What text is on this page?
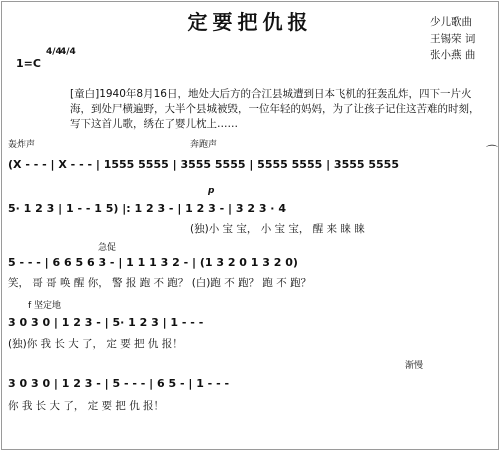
定要把仇报	少儿歌曲
王锡荣 词
张小燕 曲
1=C
4/4
4/4
[童白]1940年8月16日，地处大后方的合江县城遭到日本飞机的狂轰乱炸，四下一片火海，到处尸横遍野，大半个县城被毁，一位年轻的妈妈，为了让孩子记住这苦难的时刻，写下这首儿歌，绣在了婴儿枕上……
轰炸声	奔跑声
(X - - - | X - - - | 1555 5555 | 3555 5555 | 5555 5555 | 3555 5555
⌒
5· 1 2 3 | 1 - - 1 5) |: 1 2 3 - | 1 2 3 - | 3 2 3 · 4
p
(独)小 宝 宝， 小 宝 宝， 醒 来 睐 睐
急促
5 - - - | 6 6 5 6 3 - | 1 1 1 3 2 - | (1 3 2 0 1 3 2 0)
笑， 哥 哥 唤 醒 你， 警 报 跑 不 跑？ (白)跑 不 跑？ 跑 不 跑？
f 坚定地
3 0 3 0 | 1 2 3 - | 5· 1 2 3 | 1 - - -
(独)你 我 长 大 了， 定 要 把 仇 报！
渐慢
3 0 3 0 | 1 2 3 - | 5 - - - | 6 5 - | 1 - - -
你 我 长 大 了， 定 要 把 仇 报！
